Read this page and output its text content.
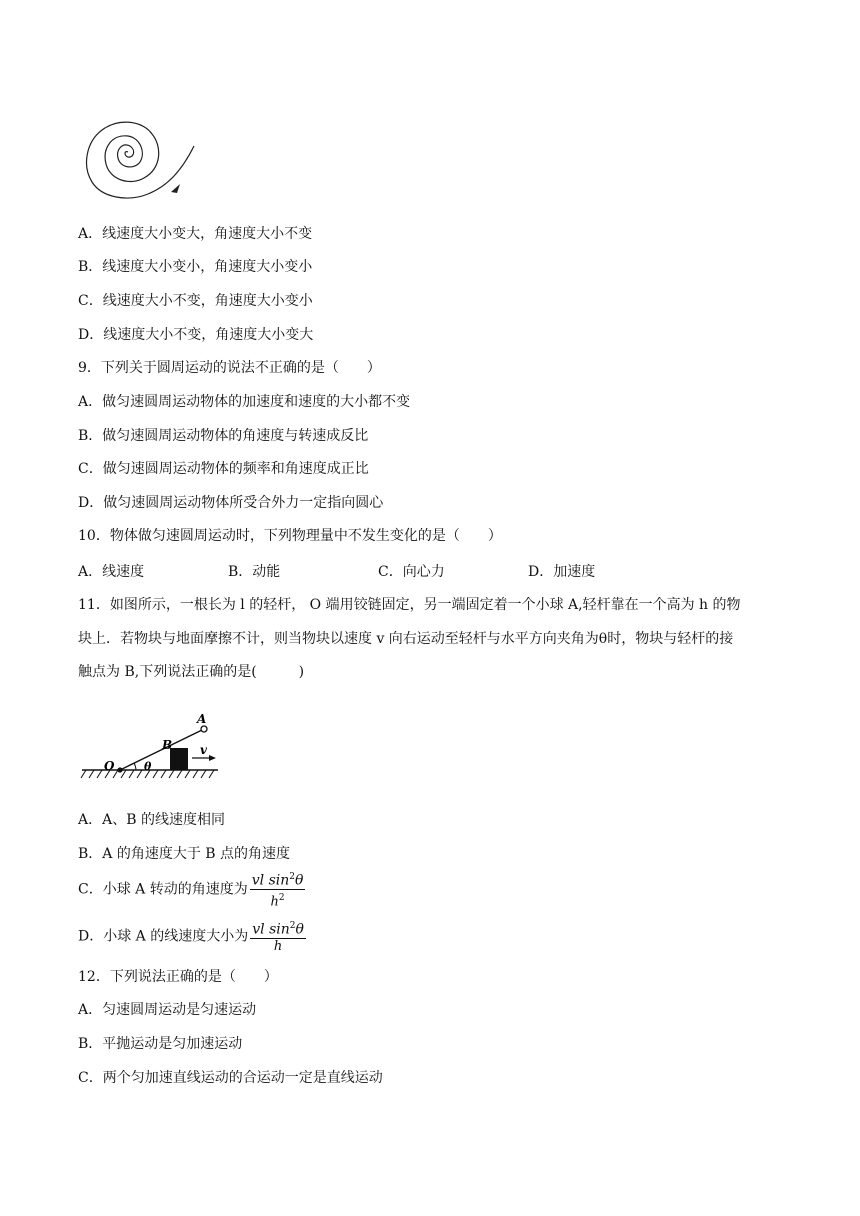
A．线速度大小变大，角速度大小不变
B．线速度大小变小，角速度大小变小
C．线速度大小不变，角速度大小变小
D．线速度大小不变，角速度大小变大
9．下列关于圆周运动的说法不正确的是（　　）
A．做匀速圆周运动物体的加速度和速度的大小都不变
B．做匀速圆周运动物体的角速度与转速成反比
C．做匀速圆周运动物体的频率和角速度成正比
D．做匀速圆周运动物体所受合外力一定指向圆心
10．物体做匀速圆周运动时，下列物理量中不发生变化的是（　　）
A．线速度	B．动能	C．向心力	D．加速度
11．如图所示，一根长为 l 的轻杆， O 端用铰链固定，另一端固定着一个小球 A,轻杆靠在一个高为 h 的物
块上．若物块与地面摩擦不计，则当物块以速度 v 向右运动至轻杆与水平方向夹角为θ时，物块与轻杆的接
触点为 B,下列说法正确的是(　　　)
A
B v
O	θ
A．A、B 的线速度相同
B．A 的角速度大于 B 点的角速度
C．小球 A 转动的角速度为 $\frac{vl \sin^2\theta}{h^2}$
D．小球 A 的线速度大小为 $\frac{vl \sin^2\theta}{h}$
12．下列说法正确的是（　　）
A．匀速圆周运动是匀速运动
B．平抛运动是匀加速运动
C．两个匀加速直线运动的合运动一定是直线运动
